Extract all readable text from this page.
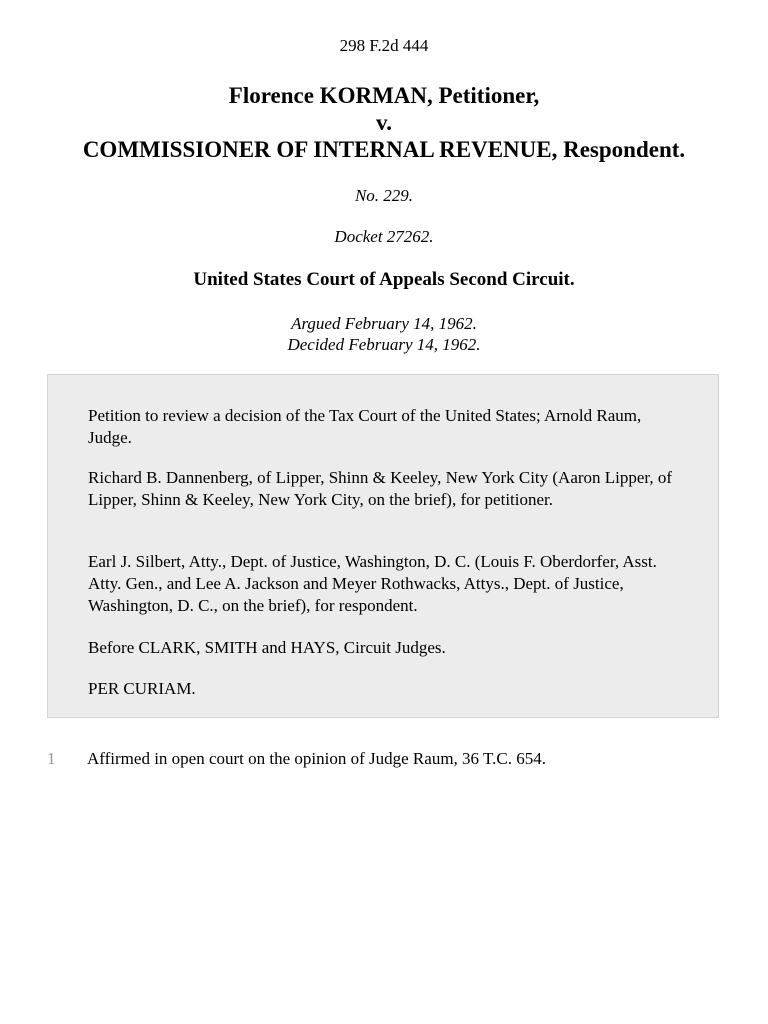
298 F.2d 444
Florence KORMAN, Petitioner,
v.
COMMISSIONER OF INTERNAL REVENUE, Respondent.
No. 229.
Docket 27262.
United States Court of Appeals Second Circuit.
Argued February 14, 1962.
Decided February 14, 1962.

Petition to review a decision of the Tax Court of the United States; Arnold Raum, Judge.

Richard B. Dannenberg, of Lipper, Shinn & Keeley, New York City (Aaron Lipper, of Lipper, Shinn & Keeley, New York City, on the brief), for petitioner.

Earl J. Silbert, Atty., Dept. of Justice, Washington, D. C. (Louis F. Oberdorfer, Asst. Atty. Gen., and Lee A. Jackson and Meyer Rothwacks, Attys., Dept. of Justice, Washington, D. C., on the brief), for respondent.

Before CLARK, SMITH and HAYS, Circuit Judges.

PER CURIAM.

1 Affirmed in open court on the opinion of Judge Raum, 36 T.C. 654.
